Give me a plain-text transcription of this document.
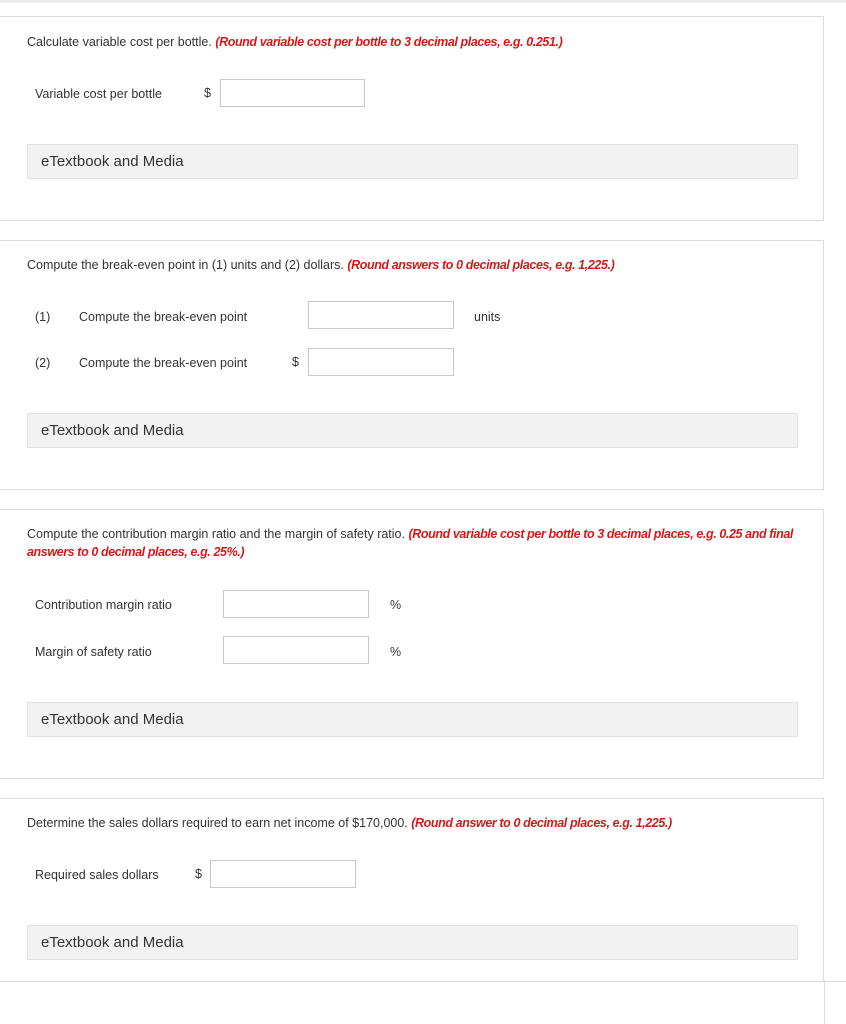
Calculate variable cost per bottle. (Round variable cost per bottle to 3 decimal places, e.g. 0.251.)
Variable cost per bottle	$
eTextbook and Media
Compute the break-even point in (1) units and (2) dollars. (Round answers to 0 decimal places, e.g. 1,225.)
(1) Compute the break-even point	units
(2) Compute the break-even point	$
eTextbook and Media
Compute the contribution margin ratio and the margin of safety ratio. (Round variable cost per bottle to 3 decimal places, e.g. 0.25 and final answers to 0 decimal places, e.g. 25%.)
Contribution margin ratio	%
Margin of safety ratio	%
eTextbook and Media
Determine the sales dollars required to earn net income of $170,000. (Round answer to 0 decimal places, e.g. 1,225.)
Required sales dollars	$
eTextbook and Media
